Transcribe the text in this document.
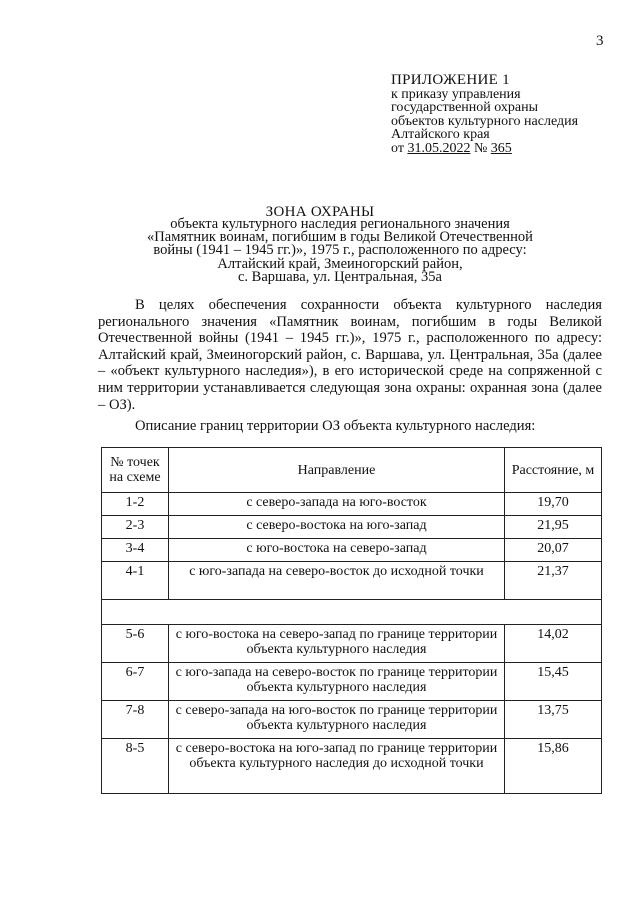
3
ПРИЛОЖЕНИЕ 1
к приказу управления
государственной охраны
объектов культурного наследия
Алтайского края
от 31.05.2022 № 365
ЗОНА ОХРАНЫ
объекта культурного наследия регионального значения
«Памятник воинам, погибшим в годы Великой Отечественной
войны (1941 – 1945 гг.)», 1975 г., расположенного по адресу:
Алтайский край, Змеиногорский район,
с. Варшава, ул. Центральная, 35а
В целях обеспечения сохранности объекта культурного наследия регионального значения «Памятник воинам, погибшим в годы Великой Отечественной войны (1941 – 1945 гг.)», 1975 г., расположенного по адресу: Алтайский край, Змеиногорский район, с. Варшава, ул. Центральная, 35а (далее – «объект культурного наследия»), в его исторической среде на сопряженной с ним территории устанавливается следующая зона охраны: охранная зона (далее – ОЗ).
Описание границ территории ОЗ объекта культурного наследия:
№ точек
на схеме	Направление	Расстояние, м
1-2	с северо-запада на юго-восток	19,70
2-3	с северо-востока на юго-запад	21,95
3-4	с юго-востока на северо-запад	20,07
4-1	с юго-запада на северо-восток до исходной точки	21,37

5-6	с юго-востока на северо-запад по границе территории объекта культурного наследия	14,02
6-7	с юго-запада на северо-восток по границе территории объекта культурного наследия	15,45
7-8	с северо-запада на юго-восток по границе территории объекта культурного наследия	13,75
8-5	с северо-востока на юго-запад по границе территории объекта культурного наследия до исходной точки	15,86
